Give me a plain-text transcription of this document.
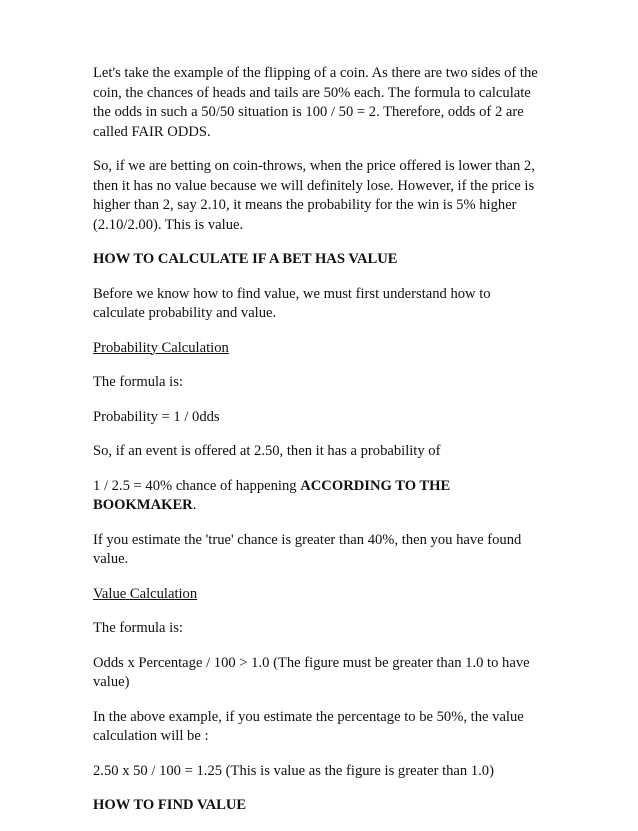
Let's take the example of the flipping of a coin. As there are two sides of the
coin, the chances of heads and tails are 50% each. The formula to calculate
the odds in such a 50/50 situation is 100 / 50 = 2. Therefore, odds of 2 are
called FAIR ODDS.

So, if we are betting on coin-throws, when the price offered is lower than 2,
then it has no value because we will definitely lose. However, if the price is
higher than 2, say 2.10, it means the probability for the win is 5% higher
(2.10/2.00). This is value.

HOW TO CALCULATE IF A BET HAS VALUE

Before we know how to find value, we must first understand how to
calculate probability and value.

Probability Calculation

The formula is:

Probability = 1 / 0dds

So, if an event is offered at 2.50, then it has a probability of

1 / 2.5 = 40% chance of happening ACCORDING TO THE
BOOKMAKER.

If you estimate the 'true' chance is greater than 40%, then you have found
value.

Value Calculation

The formula is:

Odds x Percentage / 100 > 1.0 (The figure must be greater than 1.0 to have
value)

In the above example, if you estimate the percentage to be 50%, the value
calculation will be :

2.50 x 50 / 100 = 1.25 (This is value as the figure is greater than 1.0)

HOW TO FIND VALUE
